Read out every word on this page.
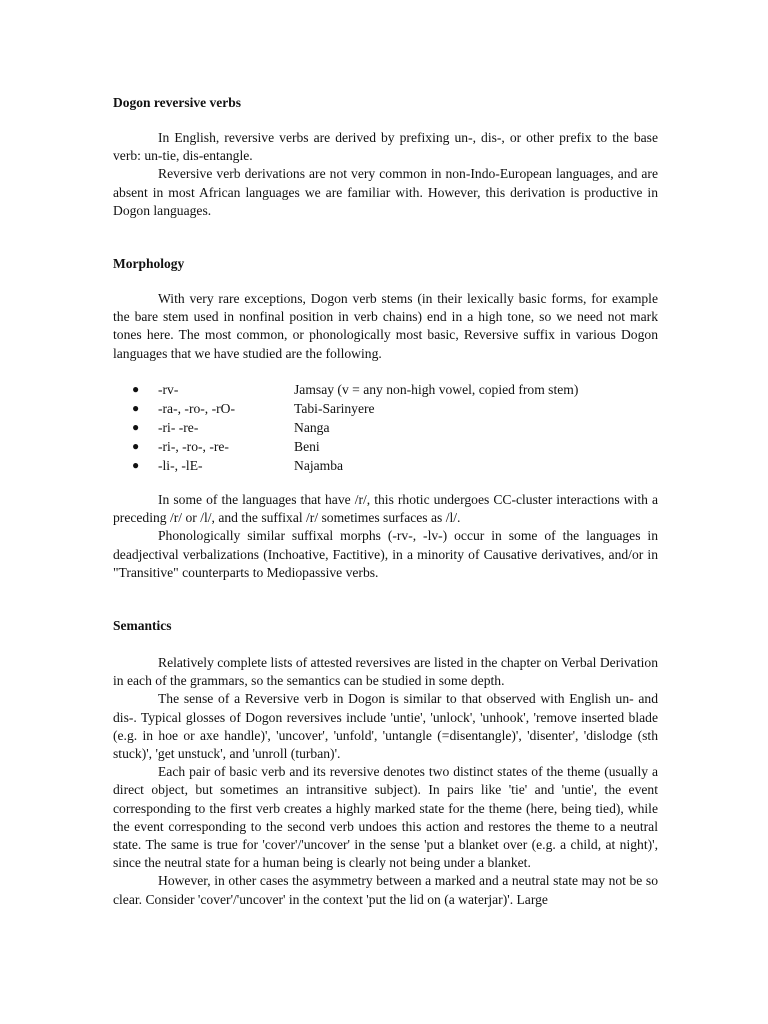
Dogon reversive verbs

In English, reversive verbs are derived by prefixing un-, dis-, or other prefix to the base verb: un-tie, dis-entangle.

Reversive verb derivations are not very common in non-Indo-European languages, and are absent in most African languages we are familiar with. However, this derivation is productive in Dogon languages.

Morphology

With very rare exceptions, Dogon verb stems (in their lexically basic forms, for example the bare stem used in nonfinal position in verb chains) end in a high tone, so we need not mark tones here. The most common, or phonologically most basic, Reversive suffix in various Dogon languages that we have studied are the following.

● -rv-	Jamsay (v = any non-high vowel, copied from stem)
● -ra-, -ro-, -rO-	Tabi-Sarinyere
● -ri- -re-	Nanga
● -ri-, -ro-, -re-	Beni
● -li-, -lE-	Najamba

In some of the languages that have /r/, this rhotic undergoes CC-cluster interactions with a preceding /r/ or /l/, and the suffixal /r/ sometimes surfaces as /l/.

Phonologically similar suffixal morphs (-rv-, -lv-) occur in some of the languages in deadjectival verbalizations (Inchoative, Factitive), in a minority of Causative derivatives, and/or in "Transitive" counterparts to Mediopassive verbs.

Semantics

Relatively complete lists of attested reversives are listed in the chapter on Verbal Derivation in each of the grammars, so the semantics can be studied in some depth.

The sense of a Reversive verb in Dogon is similar to that observed with English un- and dis-. Typical glosses of Dogon reversives include 'untie', 'unlock', 'unhook', 'remove inserted blade (e.g. in hoe or axe handle)', 'uncover', 'unfold', 'untangle (=disentangle)', 'disenter', 'dislodge (sth stuck)', 'get unstuck', and 'unroll (turban)'.

Each pair of basic verb and its reversive denotes two distinct states of the theme (usually a direct object, but sometimes an intransitive subject). In pairs like 'tie' and 'untie', the event corresponding to the first verb creates a highly marked state for the theme (here, being tied), while the event corresponding to the second verb undoes this action and restores the theme to a neutral state. The same is true for 'cover'/'uncover' in the sense 'put a blanket over (e.g. a child, at night)', since the neutral state for a human being is clearly not being under a blanket.

However, in other cases the asymmetry between a marked and a neutral state may not be so clear. Consider 'cover'/'uncover' in the context 'put the lid on (a waterjar)'. Large
